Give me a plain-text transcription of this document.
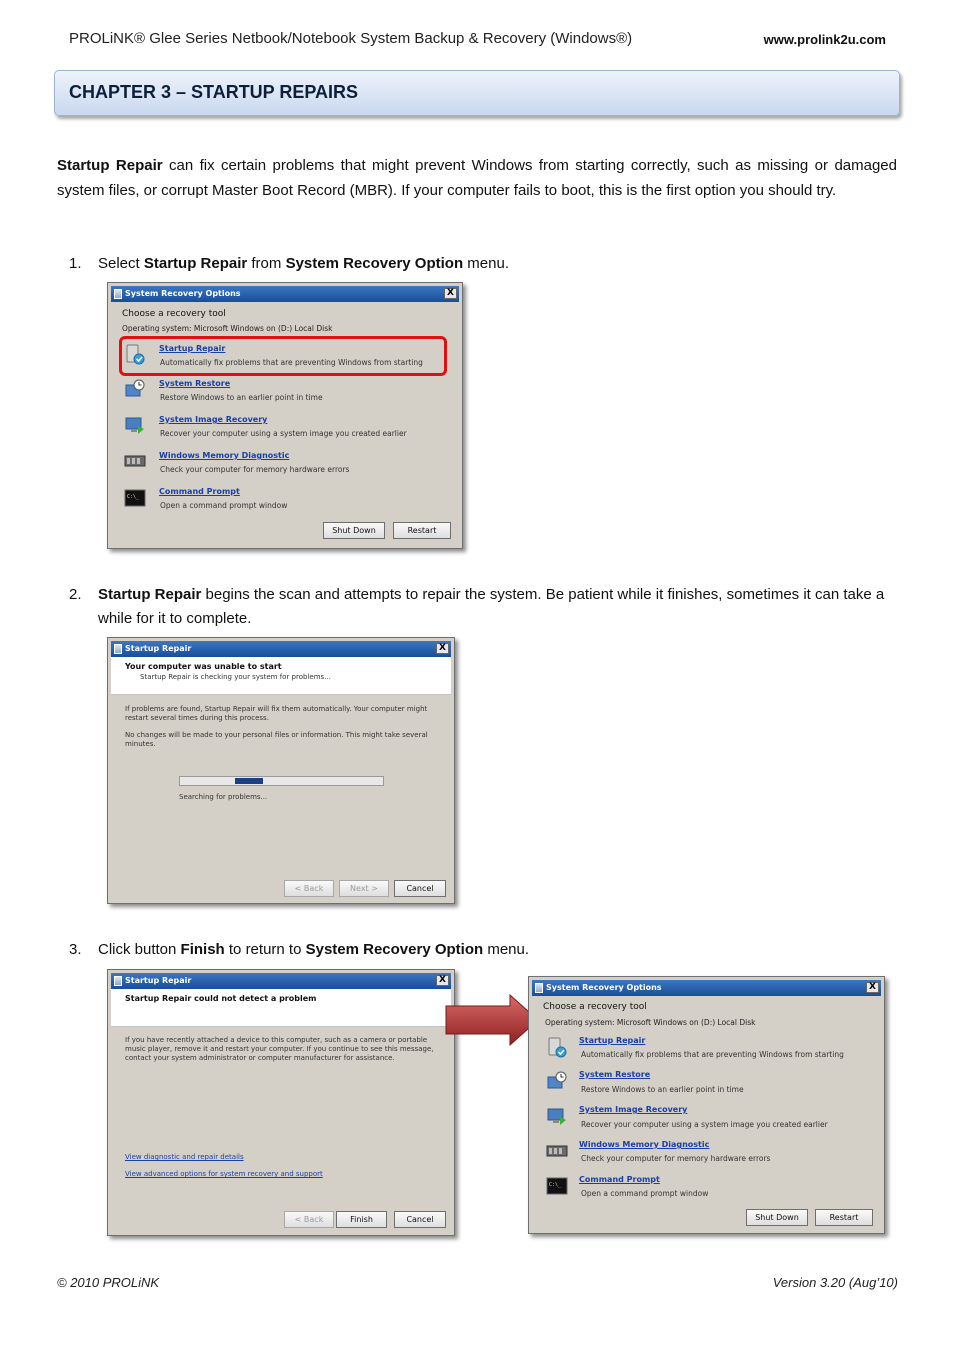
PROLiNK® Glee Series Netbook/Notebook System Backup & Recovery (Windows®)	www.prolink2u.com
CHAPTER 3 – STARTUP REPAIRS
Startup Repair can fix certain problems that might prevent Windows from starting correctly, such as missing or damaged system files, or corrupt Master Boot Record (MBR). If your computer fails to boot, this is the first option you should try.
1. Select Startup Repair from System Recovery Option menu.
System Recovery Options	X
Choose a recovery tool
Operating system: Microsoft Windows on (D:) Local Disk
Startup Repair
Automatically fix problems that are preventing Windows from starting
System Restore
Restore Windows to an earlier point in time
System Image Recovery
Recover your computer using a system image you created earlier
Windows Memory Diagnostic
Check your computer for memory hardware errors
C:\_
Command Prompt
Open a command prompt window
Shut Down	Restart
2. Startup Repair begins the scan and attempts to repair the system. Be patient while it finishes, sometimes it can take a while for it to complete.
Startup Repair	X
Your computer was unable to start
Startup Repair is checking your system for problems...
If problems are found, Startup Repair will fix them automatically. Your computer might restart several times during this process.
No changes will be made to your personal files or information. This might take several minutes.
Searching for problems...
< Back	Next >	Cancel
3. Click button Finish to return to System Recovery Option menu.
Startup Repair	X
Startup Repair could not detect a problem
If you have recently attached a device to this computer, such as a camera or portable music player, remove it and restart your computer. If you continue to see this message, contact your system administrator or computer manufacturer for assistance.
View diagnostic and repair details
View advanced options for system recovery and support
< Back	Finish	Cancel
System Recovery Options	X
Choose a recovery tool
Operating system: Microsoft Windows on (D:) Local Disk
Startup Repair
Automatically fix problems that are preventing Windows from starting
System Restore
Restore Windows to an earlier point in time
System Image Recovery
Recover your computer using a system image you created earlier
Windows Memory Diagnostic
Check your computer for memory hardware errors
C:\_
Command Prompt
Open a command prompt window
Shut Down	Restart
© 2010 PROLiNK	Version 3.20 (Aug’10)
